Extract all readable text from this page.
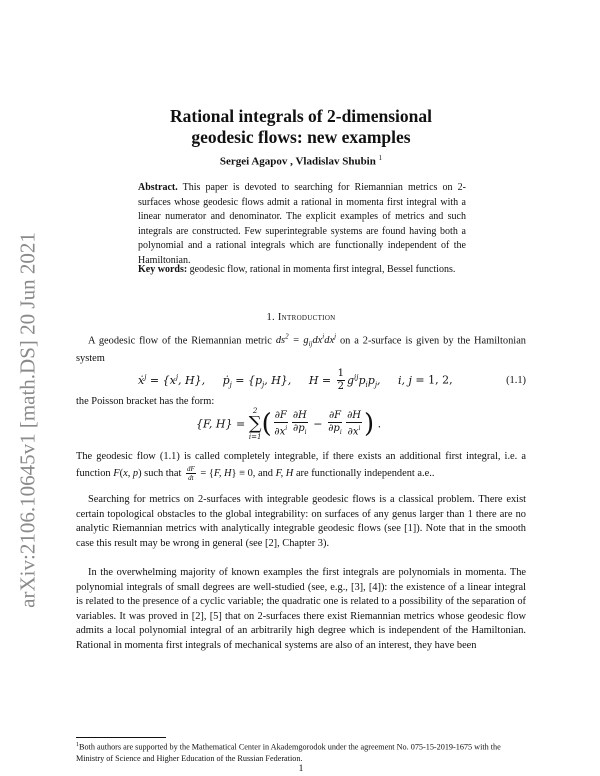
arXiv:2106.10645v1 [math.DS] 20 Jun 2021
Rational integrals of 2-dimensional
geodesic flows: new examples
Sergei Agapov , Vladislav Shubin $^1$
Abstract. This paper is devoted to searching for Riemannian metrics on 2-surfaces whose geodesic flows admit a rational in momenta first integral with a linear numerator and denominator. The explicit examples of metrics and such integrals are constructed. Few superintegrable systems are found having both a polynomial and a rational integrals which are functionally independent of the Hamiltonian.
Key words: geodesic flow, rational in momenta first integral, Bessel functions.
1. Introduction
A geodesic flow of the Riemannian metric $ds^2 = g_{ij}dx^idx^j$ on a 2-surface is given by the Hamiltonian system
ẋ$^j$ = {$x^j$, H}, ṗ$_j$ = {$p_j$, H}, $H = \frac{1}{2} g^{ij}p_ip_j$, i, j = 1, 2,	(1.1)
the Poisson bracket has the form:
{F, H} =
2
∑
i=1 ( $\frac{\partial F}{\partial x^i} \frac{\partial H}{\partial p_i} - \frac{\partial F}{\partial p_i} \frac{\partial H}{\partial x^i}$ ) .
The geodesic flow (1.1) is called completely integrable, if there exists an additional first integral, i.e. a function F(x, p) such that $\frac{dF}{dt} = \{F$, H} ≡ 0, and F, H are functionally independent a.e..
Searching for metrics on 2-surfaces with integrable geodesic flows is a classical problem. There exist certain topological obstacles to the global integrability: on surfaces of any genus larger than 1 there are no analytic Riemannian metrics with analytically integrable geodesic flows (see [1]). Note that in the smooth case this result may be wrong in general (see [2], Chapter 3).
In the overwhelming majority of known examples the first integrals are polynomials in momenta. The polynomial integrals of small degrees are well-studied (see, e.g., [3], [4]): the existence of a linear integral is related to the presence of a cyclic variable; the quadratic one is related to a possibility of the separation of variables. It was proved in [2], [5] that on 2-surfaces there exist Riemannian metrics whose geodesic flow admits a local polynomial integral of an arbitrarily high degree which is independent of the Hamiltonian. Rational in momenta first integrals of mechanical systems are also of an interest, they have been
$^1$Both authors are supported by the Mathematical Center in Akademgorodok under the agreement No. 075-15-2019-1675 with the Ministry of Science and Higher Education of the Russian Federation.
1
